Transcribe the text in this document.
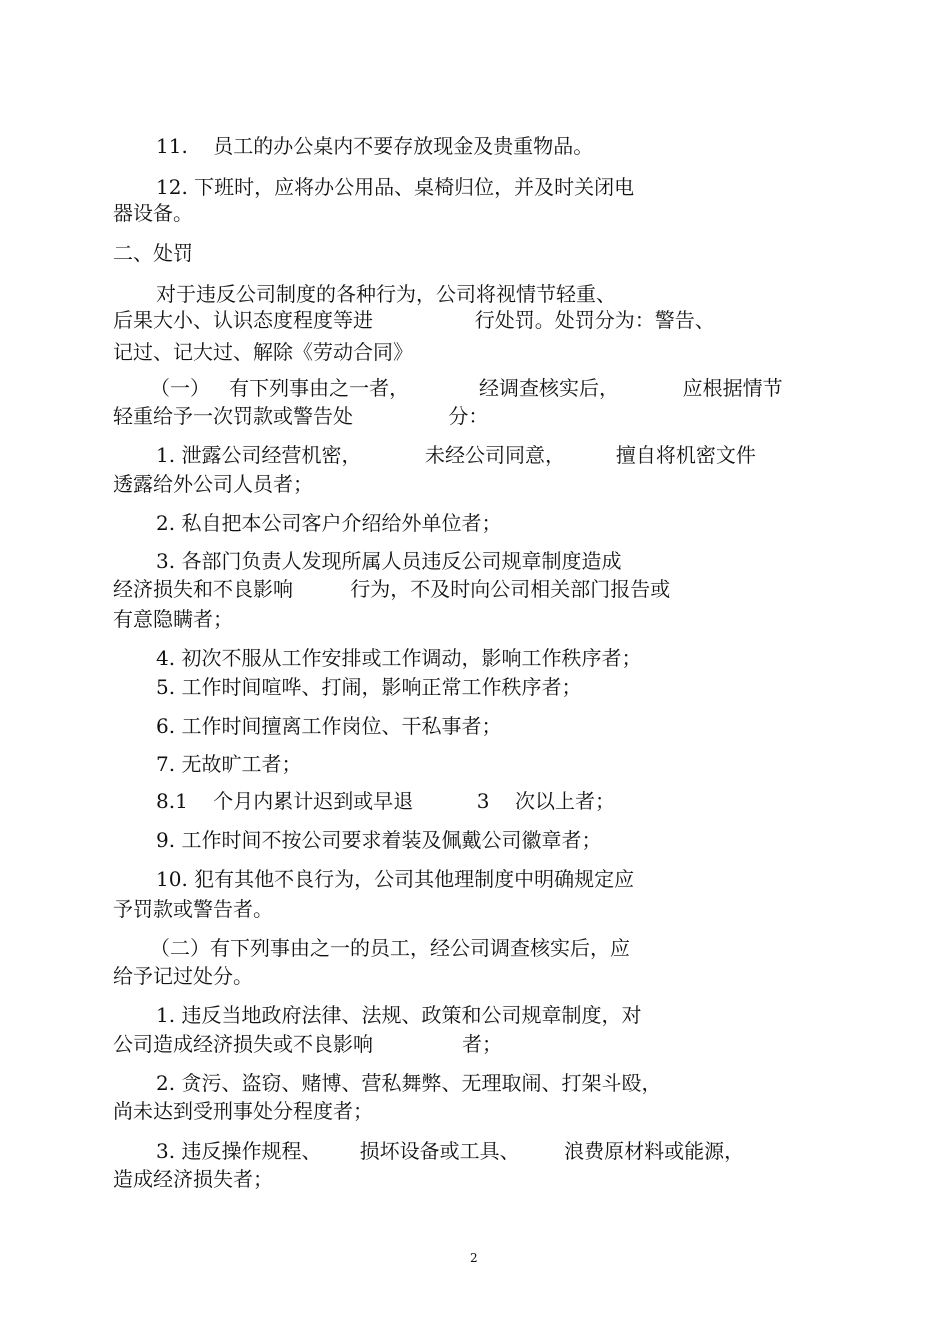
11.    员工的办公桌内不要存放现金及贵重物品。

12. 下班时，应将办公用品、桌椅归位，并及时关闭电

器设备。

二、处罚

对于违反公司制度的各种行为，公司将视情节轻重、

后果大小、认识态度程度等进                行处罚。处罚分为：警告、

记过、记大过、解除《劳动合同》

（一）   有下列事由之一者，           经调查核实后，          应根据情节

轻重给予一次罚款或警告处               分：

1. 泄露公司经营机密，          未经公司同意，        擅自将机密文件

透露给外公司人员者；

2. 私自把本公司客户介绍给外单位者；

3. 各部门负责人发现所属人员违反公司规章制度造成

经济损失和不良影响         行为，不及时向公司相关部门报告或

有意隐瞒者；

4. 初次不服从工作安排或工作调动，影响工作秩序者；

5. 工作时间喧哗、打闹，影响正常工作秩序者；

6. 工作时间擅离工作岗位、干私事者；

7. 无故旷工者；

8.1    个月内累计迟到或早退          3    次以上者；

9. 工作时间不按公司要求着装及佩戴公司徽章者；

10. 犯有其他不良行为，公司其他理制度中明确规定应

予罚款或警告者。

（二）有下列事由之一的员工，经公司调查核实后，应

给予记过处分。

1. 违反当地政府法律、法规、政策和公司规章制度，对

公司造成经济损失或不良影响              者；

2. 贪污、盗窃、赌博、营私舞弊、无理取闹、打架斗殴，

尚未达到受刑事处分程度者；

3. 违反操作规程、      损坏设备或工具、       浪费原材料或能源，

造成经济损失者；

2
